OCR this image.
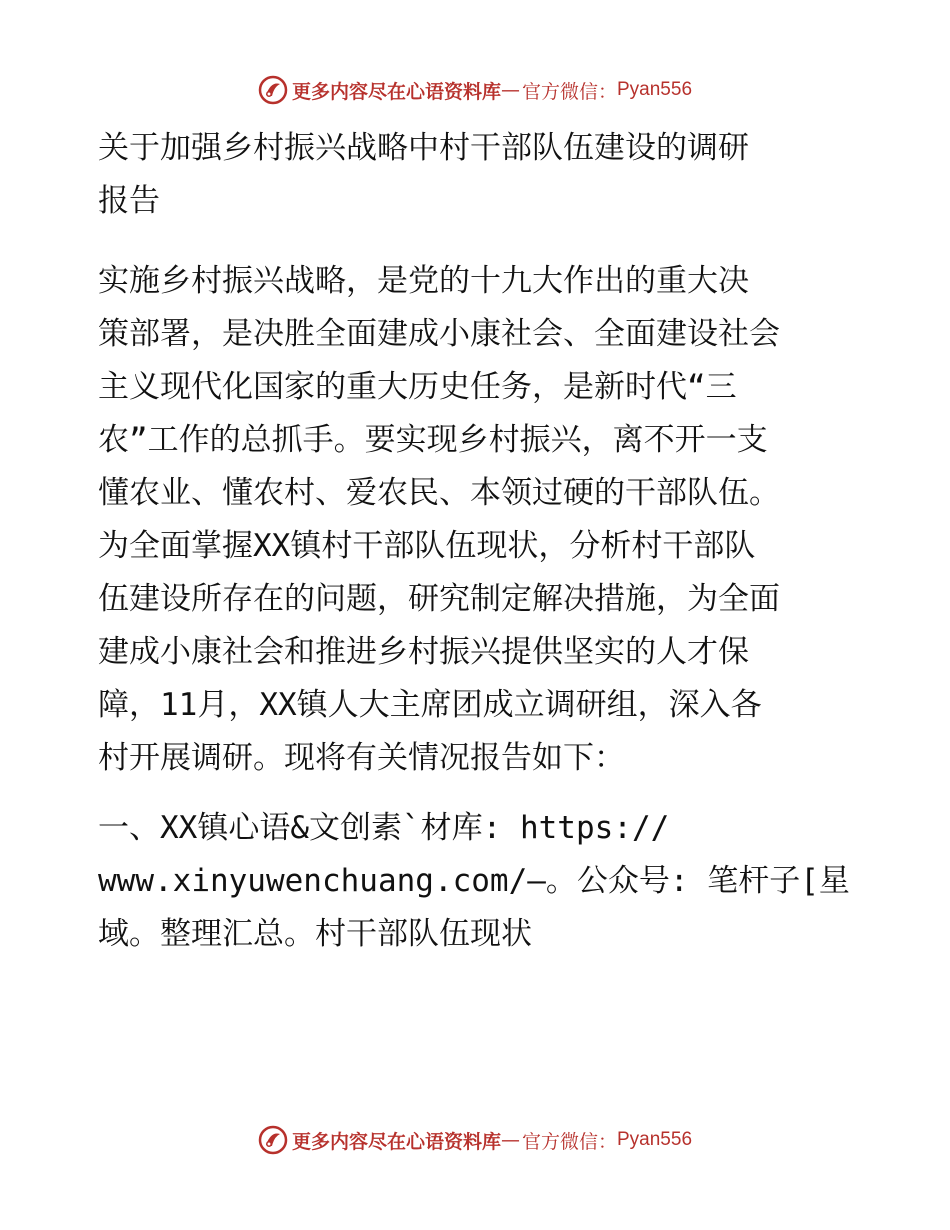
更多内容尽在心语资料库 — 官方微信： Pyan556
关于加强乡村振兴战略中村干部队伍建设的调研
报告
实施乡村振兴战略，是党的十九大作出的重大决
策部署，是决胜全面建成小康社会、全面建设社会
主义现代化国家的重大历史任务，是新时代“三
农”工作的总抓手。要实现乡村振兴，离不开一支
懂农业、懂农村、爱农民、本领过硬的干部队伍。
为全面掌握XX镇村干部队伍现状，分析村干部队
伍建设所存在的问题，研究制定解决措施，为全面
建成小康社会和推进乡村振兴提供坚实的人才保
障，11月，XX镇人大主席团成立调研组，深入各
村开展调研。现将有关情况报告如下：
一、XX镇心语&文创素`材库: https://
www.xinyuwenchuang.com/—。公众号: 笔杆子[星
域。整理汇总。村干部队伍现状
更多内容尽在心语资料库 — 官方微信： Pyan556
